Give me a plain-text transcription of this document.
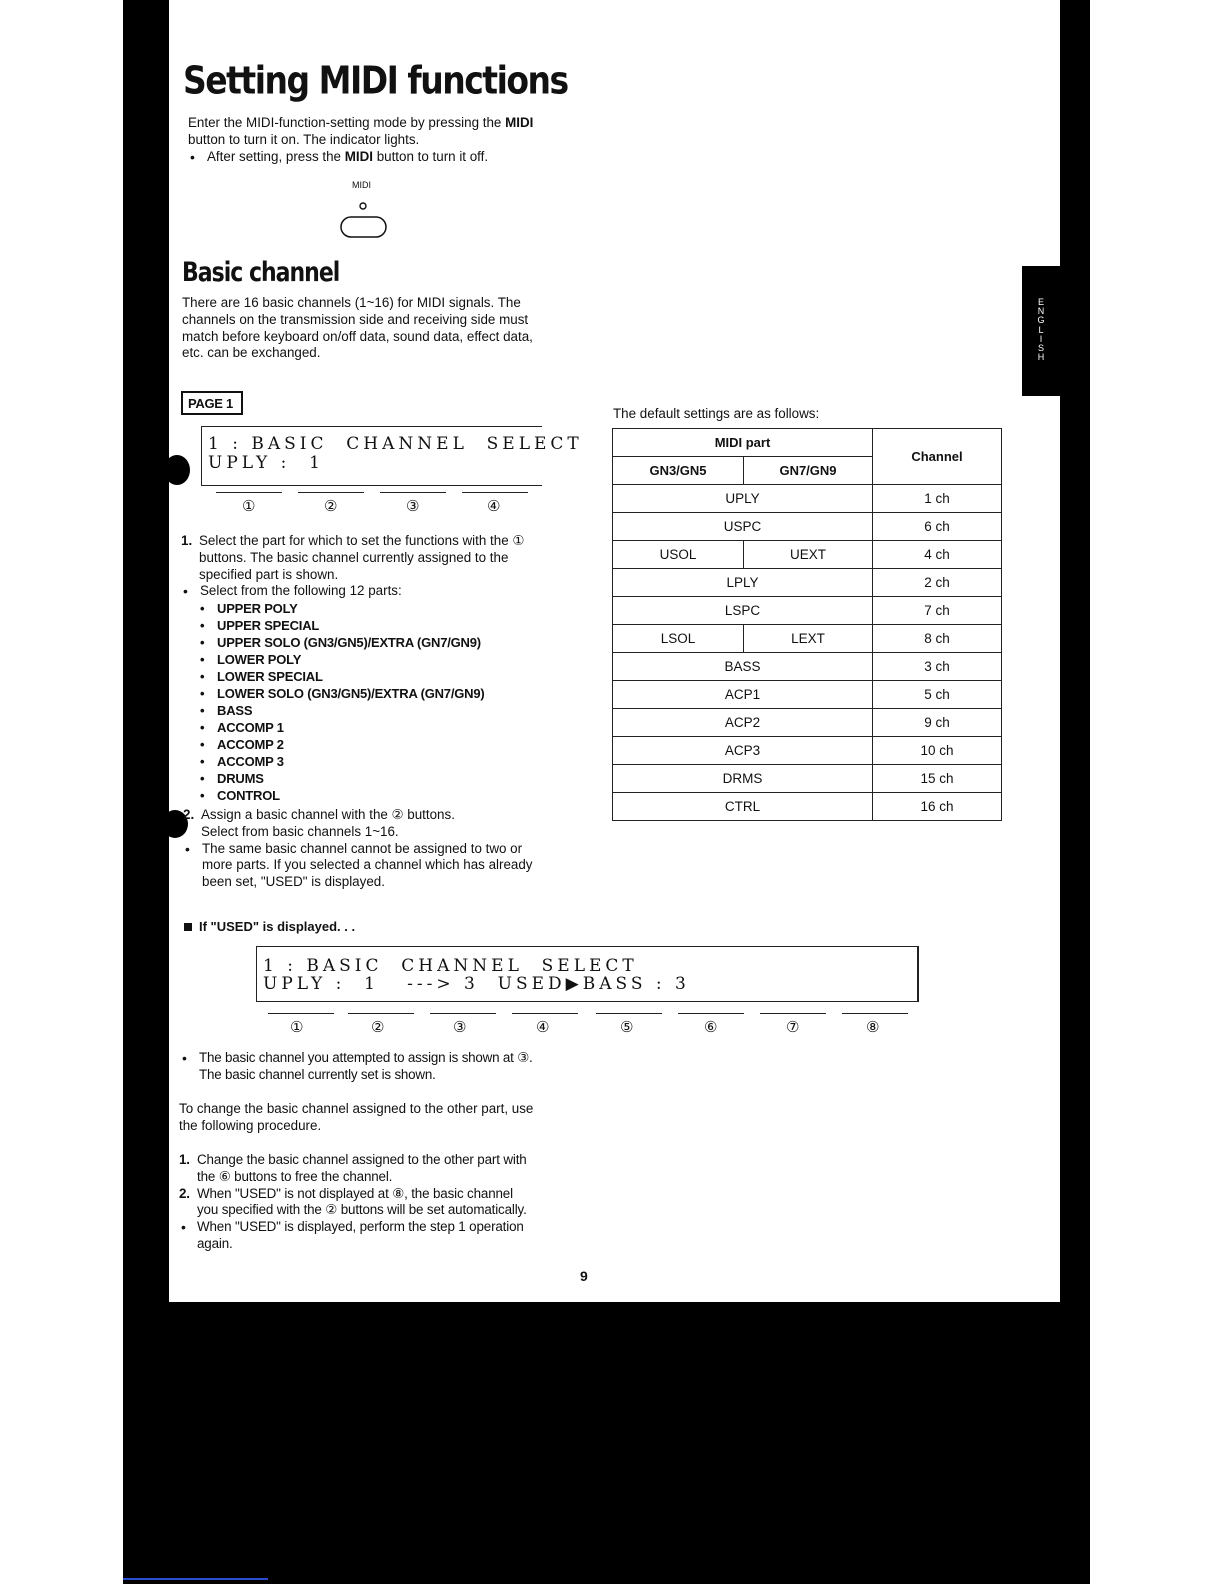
E
N
G
L
I
S
H
Setting MIDI functions
Enter the MIDI-function-setting mode by pressing the MIDI
button to turn it on. The indicator lights.
• After setting, press the MIDI button to turn it off.
MIDI
Basic channel
There are 16 basic channels (1~16) for MIDI signals. The
channels on the transmission side and receiving side must
match before keyboard on/off data, sound data, effect data,
etc. can be exchanged.
PAGE 1
1 : BASIC  CHANNEL  SELECT
UPLY :  1
①	②	③	④
1. Select the part for which to set the functions with the ①
buttons. The basic channel currently assigned to the
specified part is shown.
• Select from the following 12 parts:
• UPPER POLY
• UPPER SPECIAL
• UPPER SOLO (GN3/GN5)/EXTRA (GN7/GN9)
• LOWER POLY
• LOWER SPECIAL
• LOWER SOLO (GN3/GN5)/EXTRA (GN7/GN9)
• BASS
• ACCOMP 1
• ACCOMP 2
• ACCOMP 3
• DRUMS
• CONTROL
2. Assign a basic channel with the ② buttons.
Select from basic channels 1~16.
• The same basic channel cannot be assigned to two or
more parts. If you selected a channel which has already
been set, "USED" is displayed.
The default settings are as follows:
MIDI part		Channel
GN3/GN5	GN7/GN9	
UPLY		1 ch
USPC		6 ch
USOL	UEXT	4 ch
LPLY		2 ch
LSPC		7 ch
LSOL	LEXT	8 ch
BASS		3 ch
ACP1		5 ch
ACP2		9 ch
ACP3		10 ch
DRMS		15 ch
CTRL		16 ch
If "USED" is displayed. . .
1 : BASIC  CHANNEL  SELECT
UPLY :  1   ---> 3  USED▶BASS : 3
①	②	③	④	⑤	⑥	⑦	⑧
• The basic channel you attempted to assign is shown at ③.
The basic channel currently set is shown.
To change the basic channel assigned to the other part, use
the following procedure.
1. Change the basic channel assigned to the other part with
the ⑥ buttons to free the channel.
2. When "USED" is not displayed at ⑧, the basic channel
you specified with the ② buttons will be set automatically.
• When "USED" is displayed, perform the step 1 operation
again.
9
